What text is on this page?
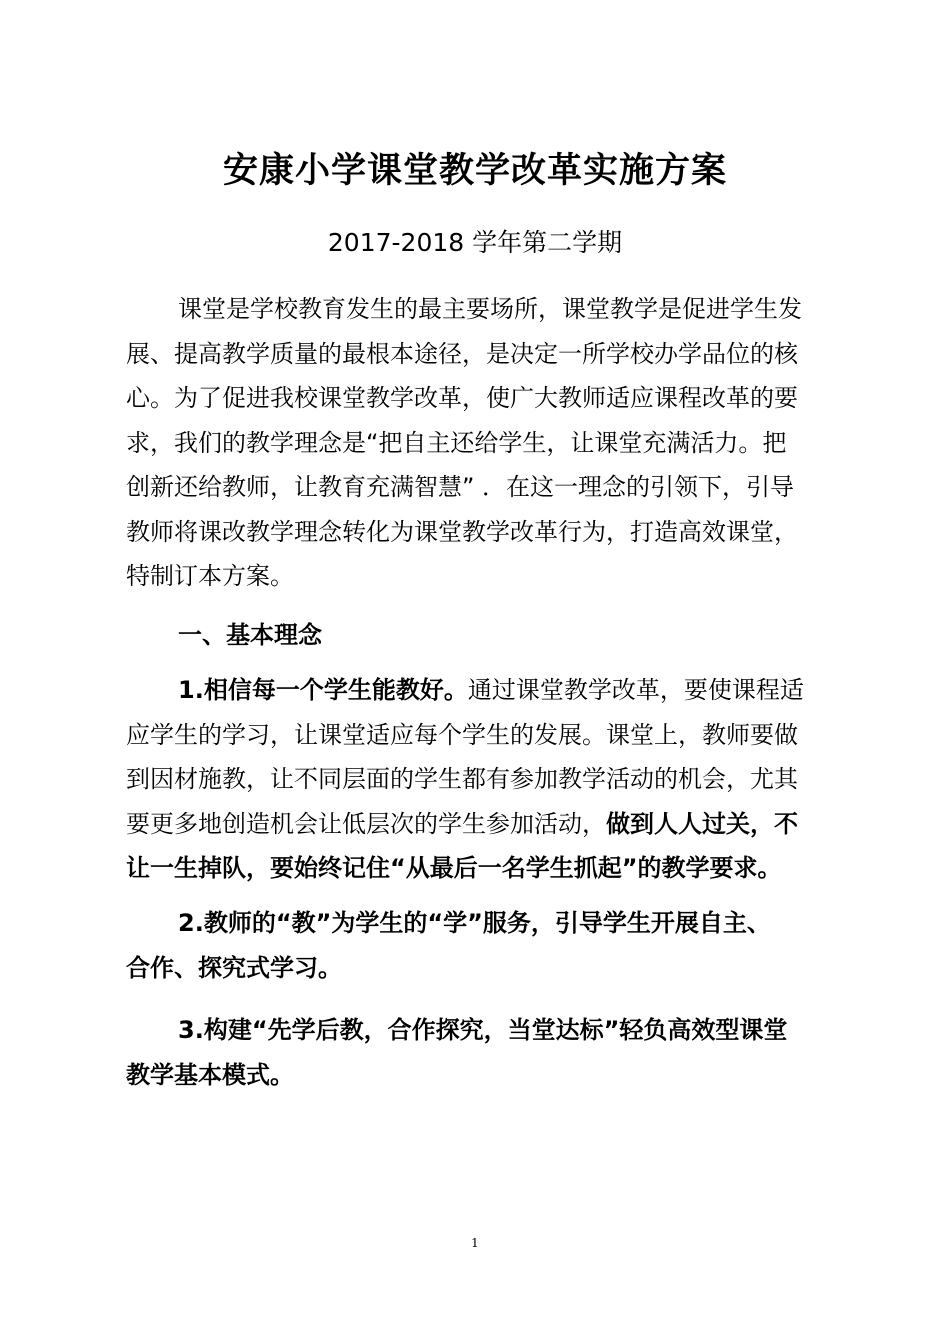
安康小学课堂教学改革实施方案
2017-2018 学年第二学期
课堂是学校教育发生的最主要场所，课堂教学是促进学生发
展、提高教学质量的最根本途径，是决定一所学校办学品位的核
心。为了促进我校课堂教学改革，使广大教师适应课程改革的要
求，我们的教学理念是“把自主还给学生，让课堂充满活力。把
创新还给教师，让教育充满智慧” ．在这一理念的引领下，引导
教师将课改教学理念转化为课堂教学改革行为，打造高效课堂，
特制订本方案。
一、基本理念
1.相信每一个学生能教好。通过课堂教学改革，要使课程适
应学生的学习，让课堂适应每个学生的发展。课堂上，教师要做
到因材施教，让不同层面的学生都有参加教学活动的机会，尤其
要更多地创造机会让低层次的学生参加活动，做到人人过关，不
让一生掉队，要始终记住“从最后一名学生抓起”的教学要求。
2.教师的“教”为学生的“学”服务，引导学生开展自主、
合作、探究式学习。
3.构建“先学后教，合作探究，当堂达标”轻负高效型课堂
教学基本模式。
1
